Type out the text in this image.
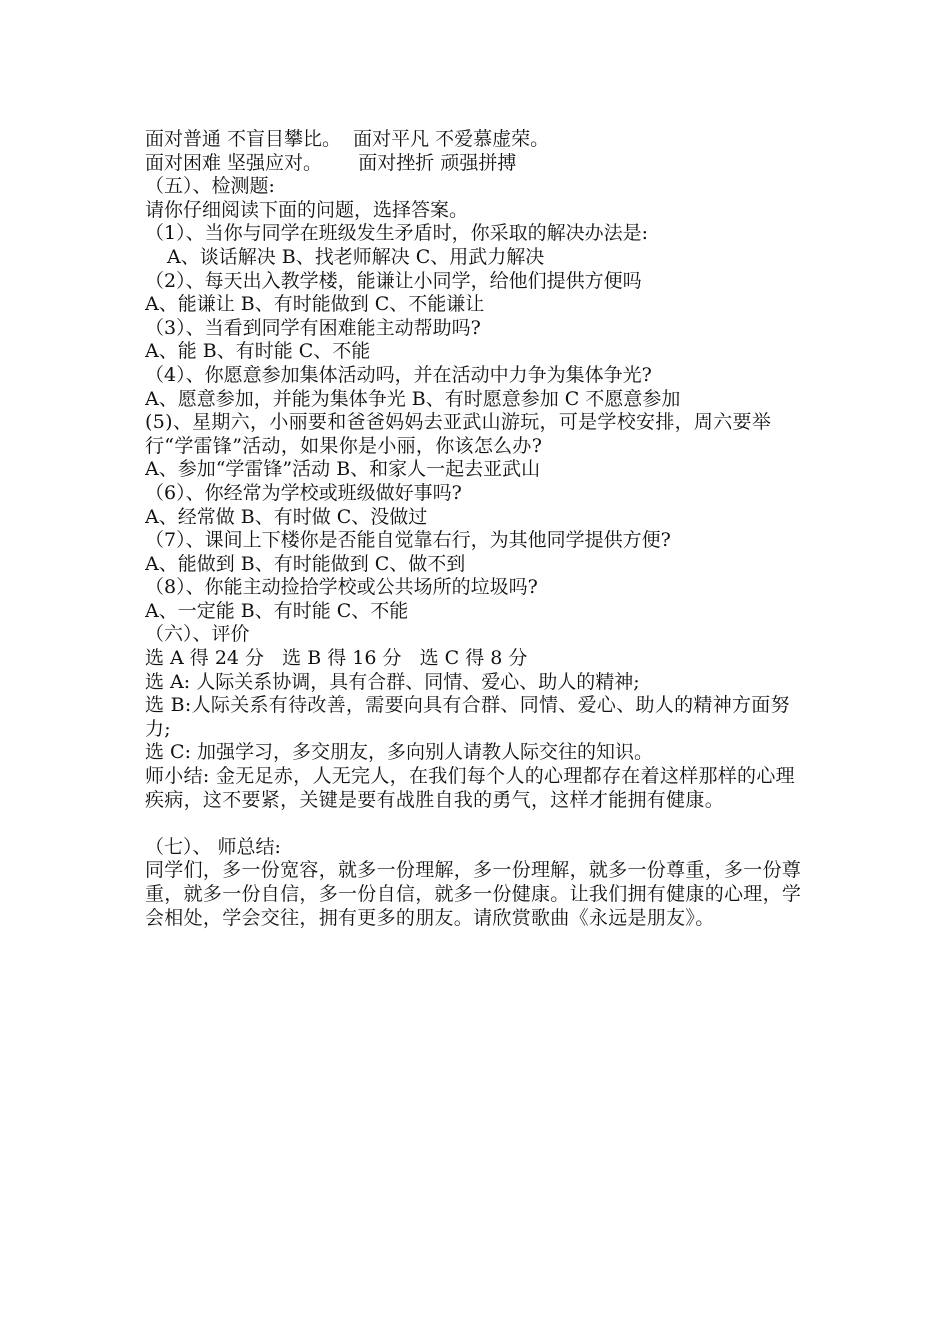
面对普通 不盲目攀比。  面对平凡 不爱慕虚荣。
面对困难 坚强应对。      面对挫折 顽强拼搏
（五）、检测题:
请你仔细阅读下面的问题，选择答案。
（1）、当你与同学在班级发生矛盾时，你采取的解决办法是:
A、谈话解决 B、找老师解决 C、用武力解决
（2）、每天出入教学楼，能谦让小同学，给他们提供方便吗
A、能谦让 B、有时能做到 C、不能谦让
（3）、当看到同学有困难能主动帮助吗?
A、能 B、有时能 C、不能
（4）、你愿意参加集体活动吗，并在活动中力争为集体争光?
A、愿意参加，并能为集体争光 B、有时愿意参加 C 不愿意参加
(5)、星期六，小丽要和爸爸妈妈去亚武山游玩，可是学校安排，周六要举行“学雷锋”活动，如果你是小丽，你该怎么办?
A、参加“学雷锋”活动 B、和家人一起去亚武山
（6）、你经常为学校或班级做好事吗?
A、经常做 B、有时做 C、没做过
（7）、课间上下楼你是否能自觉靠右行，为其他同学提供方便?
A、能做到 B、有时能做到 C、做不到
（8）、你能主动捡拾学校或公共场所的垃圾吗?
A、一定能 B、有时能 C、不能
（六）、评价
选 A 得 24 分   选 B 得 16 分   选 C 得 8 分
选 A: 人际关系协调，具有合群、同情、爱心、助人的精神;
选 B:人际关系有待改善，需要向具有合群、同情、爱心、助人的精神方面努力;
选 C: 加强学习，多交朋友，多向别人请教人际交往的知识。
师小结: 金无足赤，人无完人，在我们每个人的心理都存在着这样那样的心理疾病，这不要紧，关键是要有战胜自我的勇气，这样才能拥有健康。
（七）、 师总结:
同学们，多一份宽容，就多一份理解，多一份理解，就多一份尊重，多一份尊重，就多一份自信，多一份自信，就多一份健康。让我们拥有健康的心理，学会相处，学会交往，拥有更多的朋友。请欣赏歌曲《永远是朋友》。
